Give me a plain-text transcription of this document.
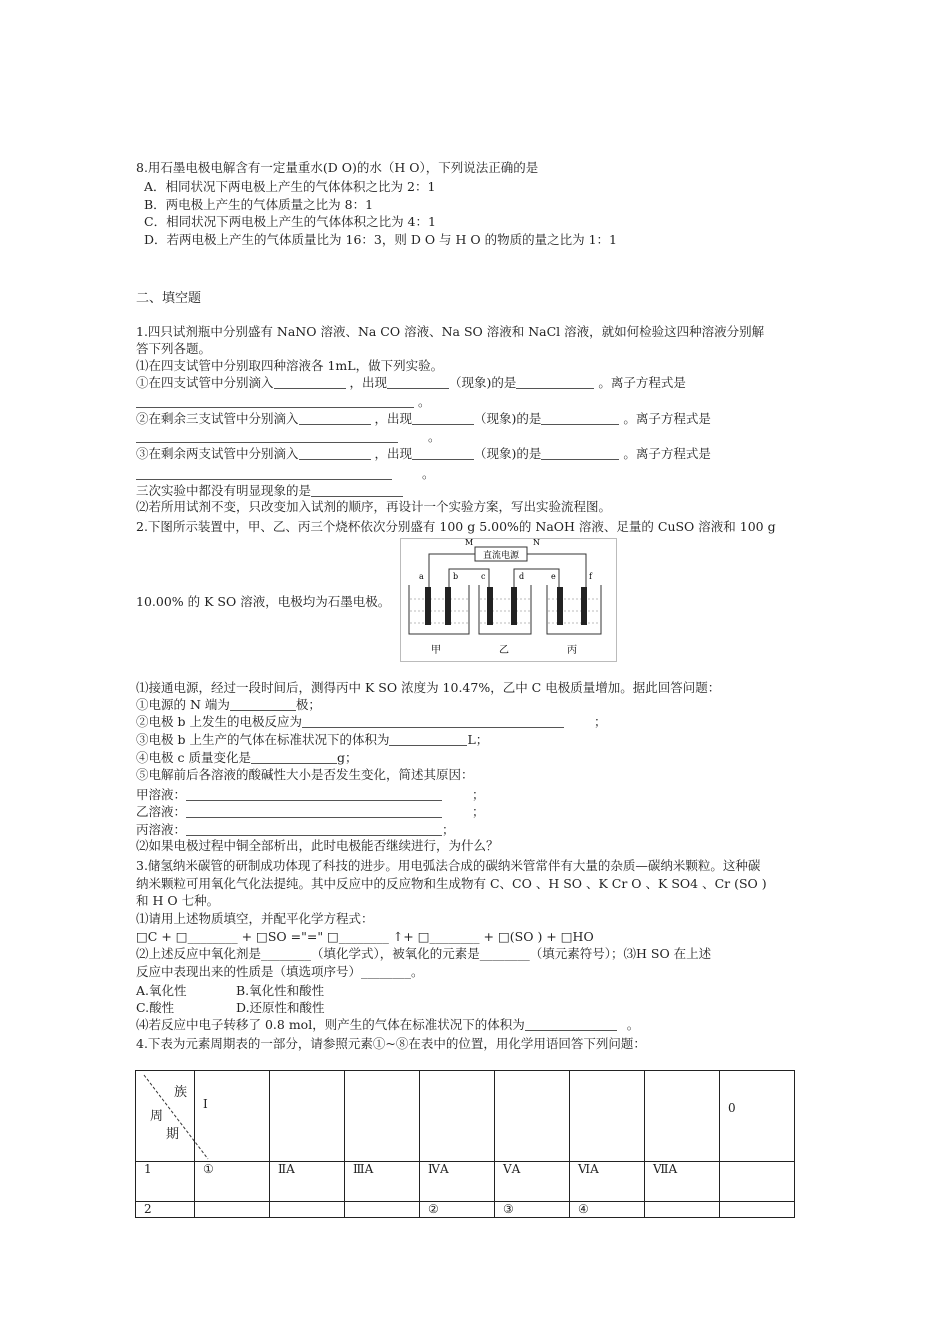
8.用石墨电极电解含有一定量重水(D O)的水（H O），下列说法正确的是
A．相同状况下两电极上产生的气体体积之比为 2：1
B．两电极上产生的气体质量之比为 8：1
C．相同状况下两电极上产生的气体体积之比为 4：1
D．若两电极上产生的气体质量比为 16：3，则 D O 与 H O 的物质的量之比为 1：1
二、填空题
1.四只试剂瓶中分别盛有 NaNO 溶液、Na CO 溶液、Na SO 溶液和 NaCl 溶液，就如何检验这四种溶液分别解
答下列各题。
⑴在四支试管中分别取四种溶液各 1mL，做下列实验。
①在四支试管中分别滴入	，出现	（现象)的是	。离子方程式是
。
②在剩余三支试管中分别滴入	，出现	（现象)的是	。离子方程式是
。
③在剩余两支试管中分别滴入	，出现	（现象)的是	。离子方程式是
。
三次实验中都没有明显现象的是
⑵若所用试剂不变，只改变加入试剂的顺序，再设计一个实验方案，写出实验流程图。
2.下图所示装置中，甲、乙、丙三个烧杯依次分别盛有 100 g 5.00%的 NaOH 溶液、足量的 CuSO 溶液和 100 g
10.00% 的 K SO 溶液，电极均为石墨电极。
直流电源
M	N
a	b	c	d	e	f
甲	乙	丙
⑴接通电源，经过一段时间后，测得丙中 K SO 浓度为 10.47%，乙中 C 电极质量增加。据此回答问题：
①电源的 N 端为	极；
②电极 b 上发生的电极反应为	；
③电极 b 上生产的气体在标准状况下的体积为	L；
④电极 c 质量变化是	g；
⑤电解前后各溶液的酸碱性大小是否发生变化，简述其原因：
甲溶液：	；
乙溶液：	；
丙溶液：	；
⑵如果电极过程中铜全部析出，此时电极能否继续进行，为什么？
3.储氢纳米碳管的研制成功体现了科技的进步。用电弧法合成的碳纳米管常伴有大量的杂质—碳纳米颗粒。这种碳
纳米颗粒可用氧化气化法提纯。其中反应中的反应物和生成物有 C、CO 、H SO 、K Cr O 、K SO4 、Cr (SO )
和 H O 七种。
⑴请用上述物质填空，并配平化学方程式：
□C + □________ + □SO ="=" □________ ↑+ □________ + □(SO ) + □HO
⑵上述反应中氧化剂是________（填化学式），被氧化的元素是________（填元素符号）；⑶H SO 在上述
反应中表现出来的性质是（填选项序号）________。
A.氧化性	B.氧化性和酸性
C.酸性	D.还原性和酸性
⑷若反应中电子转移了 0.8 mol，则产生的气体在标准状况下的体积为	。
4.下表为元素周期表的一部分，请参照元素①~⑧在表中的位置，用化学用语回答下列问题：
族
周
期	I							0
1	①	ⅡA	ⅢA	ⅣA	ⅤA	ⅥA	ⅦA	
2				②	③	④		
